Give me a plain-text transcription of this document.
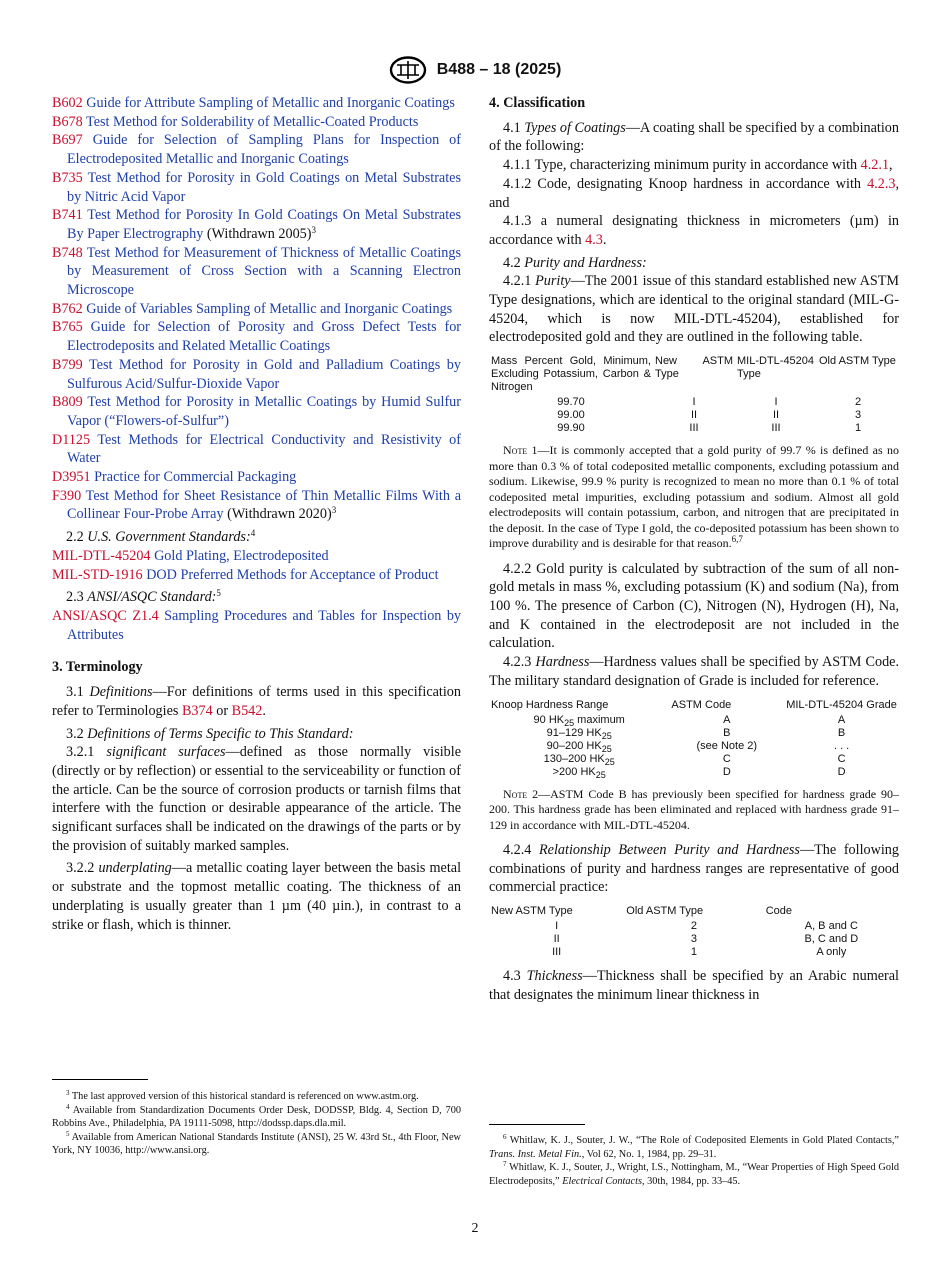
B488 – 18 (2025)

B602 Guide for Attribute Sampling of Metallic and Inorganic Coatings

B678 Test Method for Solderability of Metallic-Coated Products

B697 Guide for Selection of Sampling Plans for Inspection of Electrodeposited Metallic and Inorganic Coatings

B735 Test Method for Porosity in Gold Coatings on Metal Substrates by Nitric Acid Vapor

B741 Test Method for Porosity In Gold Coatings On Metal Substrates By Paper Electrography (Withdrawn 2005)$^3$

B748 Test Method for Measurement of Thickness of Metallic Coatings by Measurement of Cross Section with a Scanning Electron Microscope

B762 Guide of Variables Sampling of Metallic and Inorganic Coatings

B765 Guide for Selection of Porosity and Gross Defect Tests for Electrodeposits and Related Metallic Coatings

B799 Test Method for Porosity in Gold and Palladium Coatings by Sulfurous Acid/Sulfur-Dioxide Vapor

B809 Test Method for Porosity in Metallic Coatings by Humid Sulfur Vapor (“Flowers-of-Sulfur”)

D1125 Test Methods for Electrical Conductivity and Resistivity of Water

D3951 Practice for Commercial Packaging

F390 Test Method for Sheet Resistance of Thin Metallic Films With a Collinear Four-Probe Array (Withdrawn 2020)$^3$

2.2 U.S. Government Standards:$^4$

MIL-DTL-45204 Gold Plating, Electrodeposited

MIL-STD-1916 DOD Preferred Methods for Acceptance of Product

2.3 ANSI/ASQC Standard:$^5$

ANSI/ASQC Z1.4 Sampling Procedures and Tables for Inspection by Attributes

3. Terminology

3.1 Definitions—For definitions of terms used in this specification refer to Terminologies B374 or B542.

3.2 Definitions of Terms Specific to This Standard:

3.2.1 significant surfaces—defined as those normally visible (directly or by reflection) or essential to the serviceability or function of the article. Can be the source of corrosion products or tarnish films that interfere with the function or desirable appearance of the article. The significant surfaces shall be indicated on the drawings of the parts or by the provision of suitably marked samples.

3.2.2 underplating—a metallic coating layer between the basis metal or substrate and the topmost metallic coating. The thickness of an underplating is usually greater than 1 µm (40 µin.), in contrast to a strike or flash, which is thinner.

4. Classification

4.1 Types of Coatings—A coating shall be specified by a combination of the following:

4.1.1 Type, characterizing minimum purity in accordance with 4.2.1,

4.1.2 Code, designating Knoop hardness in accordance with 4.2.3, and

4.1.3 a numeral designating thickness in micrometers (µm) in accordance with 4.3.

4.2 Purity and Hardness:

4.2.1 Purity—The 2001 issue of this standard established new ASTM Type designations, which are identical to the original standard (MIL-G-45204, which is now MIL-DTL-45204), established for electrodeposited gold and they are outlined in the following table.

Mass Percent Gold, Minimum, Excluding Potassium, Carbon & Nitrogen	New ASTM Type	MIL-DTL-45204 Type	Old ASTM Type
99.70	I	I	2
99.00	II	II	3
99.90	III	III	1

Note 1—It is commonly accepted that a gold purity of 99.7 % is defined as no more than 0.3 % of total codeposited metallic components, excluding potassium and sodium. Likewise, 99.9 % purity is recognized to mean no more than 0.1 % of total codeposited metal impurities, excluding potassium and sodium. Almost all gold electrodeposits will contain potassium, carbon, and nitrogen that are precipitated in the deposit. In the case of Type I gold, the co-deposited potassium has been shown to improve durability and is desirable for that reason.$^{6,7}$

4.2.2 Gold purity is calculated by subtraction of the sum of all non-gold metals in mass %, excluding potassium (K) and sodium (Na), from 100 %. The presence of Carbon (C), Nitrogen (N), Hydrogen (H), Na, and K contained in the electrodeposit are not included in the calculation.

4.2.3 Hardness—Hardness values shall be specified by ASTM Code. The military standard designation of Grade is included for reference.

Knoop Hardness Range	ASTM Code	MIL-DTL-45204 Grade
90 $HK_{25}$ maximum	A	A
91–129 $HK_{25}$	B	B
90–200 $HK_{25}$	(see Note 2)	. . .
130–200 $HK_{25}$	C	C
>200 $HK_{25}$	D	D

Note 2—ASTM Code B has previously been specified for hardness grade 90–200. This hardness grade has been eliminated and replaced with hardness grade 91–129 in accordance with MIL-DTL-45204.

4.2.4 Relationship Between Purity and Hardness—The following combinations of purity and hardness ranges are representative of good commercial practice:

New ASTM Type	Old ASTM Type	Code
I	2	A, B and C
II	3	B, C and D
III	1	A only

4.3 Thickness—Thickness shall be specified by an Arabic numeral that designates the minimum linear thickness in

$^3$ The last approved version of this historical standard is referenced on www.astm.org.

$^4$ Available from Standardization Documents Order Desk, DODSSP, Bldg. 4, Section D, 700 Robbins Ave., Philadelphia, PA 19111-5098, http://dodssp.daps.dla.mil.

$^5$ Available from American National Standards Institute (ANSI), 25 W. 43rd St., 4th Floor, New York, NY 10036, http://www.ansi.org.

$^6$ Whitlaw, K. J., Souter, J. W., “The Role of Codeposited Elements in Gold Plated Contacts,” Trans. Inst. Metal Fin., Vol 62, No. 1, 1984, pp. 29–31.

$^7$ Whitlaw, K. J., Souter, J., Wright, I.S., Nottingham, M., “Wear Properties of High Speed Gold Electrodeposits,” Electrical Contacts, 30th, 1984, pp. 33–45.

2
